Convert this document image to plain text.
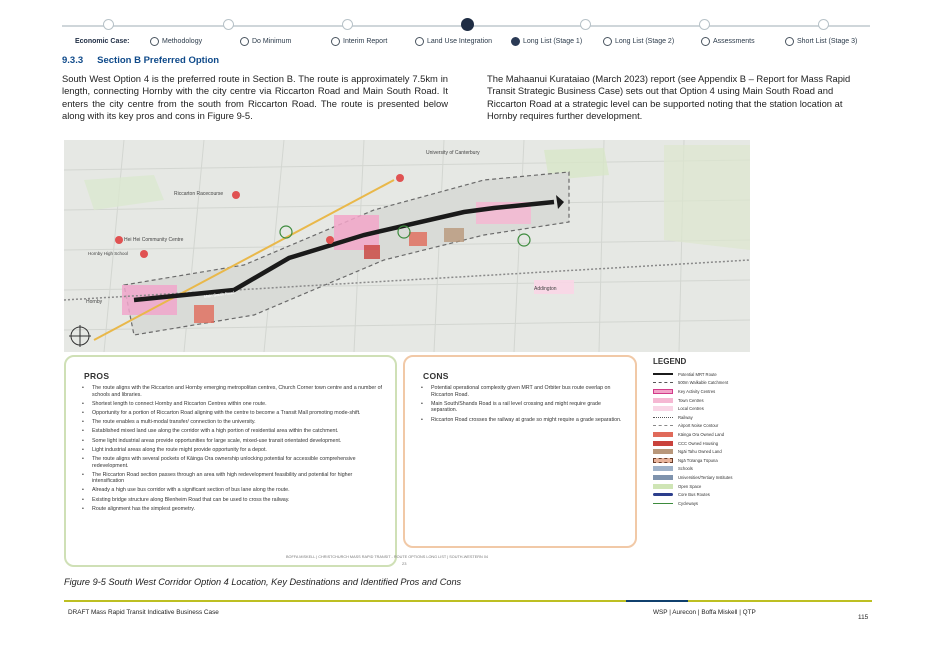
Economic Case:	Methodology	Do Minimum	Interim Report	Land Use Integration	Long List (Stage 1)	Long List (Stage 2)	Assessments	Short List (Stage 3)
9.3.3 Section B Preferred Option
South West Option 4 is the preferred route in Section B. The route is approximately 7.5km in length, connecting Hornby with the city centre via Riccarton Road and Main South Road. It enters the city centre from the south from Riccarton Road. The route is presented below along with its key pros and cons in Figure 9-5.
The Mahaanui Kurataiao (March 2023) report (see Appendix B – Report for Mass Rapid Transit Strategic Business Case) sets out that Option 4 using Main South Road and Riccarton Road at a strategic level can be supported noting that the station location at Hornby requires further development.
University of Canterbury
Riccarton Racecourse
Hei Hei Community Centre
Hornby High School
Hornby
Addington
Main South Road
PROS
• The route aligns with the Riccarton and Hornby emerging metropolitan centres, Church Corner town centre and a number of schools and libraries.
• Shortest length to connect Hornby and Riccarton Centres within one route.
• Opportunity for a portion of Riccarton Road aligning with the centre to become a Transit Mall promoting mode-shift.
• The route enables a multi-modal transfer/ connection to the university.
• Established mixed land use along the corridor with a high portion of residential area within the catchment.
• Some light industrial areas provide opportunities for large scale, mixed-use transit orientated development.
• Light industrial areas along the route might provide opportunity for a depot.
• The route aligns with several pockets of Kāinga Ora ownership unlocking potential for accessible comprehensive redevelopment.
• The Riccarton Road section passes through an area with high redevelopment feasibility and potential for higher intensification
• Already a high use bus corridor with a significant section of bus lane along the route.
• Existing bridge structure along Blenheim Road that can be used to cross the railway.
• Route alignment has the simplest geometry.
CONS
• Potential operational complexity given MRT and Orbiter bus route overlap on Riccarton Road.
• Main South/Shands Road is a rail level crossing and might require grade separation.
• Riccarton Road crosses the railway at grade so might require a grade separation.
BOFFA MISKELL | CHRISTCHURCH MASS RAPID TRANSIT - ROUTE OPTIONS LONG LIST | SOUTH-WESTERN 04
23
LEGEND
Potential MRT Route
500m Walkable Catchment
Key Activity Centres
Town Centres
Local Centres
Railway
Airport Noise Contour
Kāinga Ora Owned Land
CCC Owned Housing
Ngāi Tahu Owned Land
Ngā Tūranga Tūpuna
Schools
Universities/Tertiary Institutes
Open Space
Core Bus Routes
Cycleways
Figure 9-5 South West Corridor Option 4 Location, Key Destinations and Identified Pros and Cons
DRAFT Mass Rapid Transit Indicative Business Case	WSP | Aurecon | Boffa Miskell | QTP
115
